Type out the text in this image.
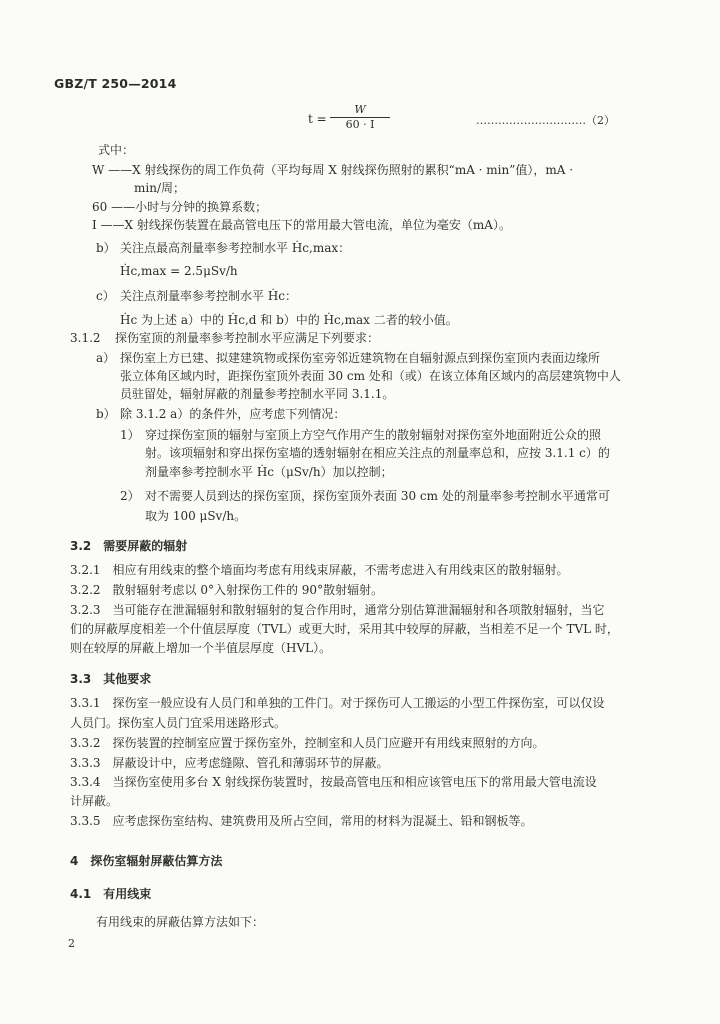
GBZ/T 250—2014
t =
W
60 · I	…………………………（2）
式中：
W ——X 射线探伤的周工作负荷（平均每周 X 射线探伤照射的累积“mA · min”值），mA ·
min/周；
60 ——小时与分钟的换算系数；
I ——X 射线探伤装置在最高管电压下的常用最大管电流，单位为毫安（mA）。
b） 关注点最高剂量率参考控制水平 Ḣc,max：
Ḣc,max = 2.5μSv/h
c） 关注点剂量率参考控制水平 Ḣc：
Ḣc 为上述 a）中的 Ḣc,d 和 b）中的 Ḣc,max 二者的较小值。
3.1.2 探伤室顶的剂量率参考控制水平应满足下列要求：
a） 探伤室上方已建、拟建建筑物或探伤室旁邻近建筑物在自辐射源点到探伤室顶内表面边缘所
张立体角区域内时，距探伤室顶外表面 30 cm 处和（或）在该立体角区域内的高层建筑物中人
员驻留处，辐射屏蔽的剂量参考控制水平同 3.1.1。
b） 除 3.1.2 a）的条件外，应考虑下列情况：
1） 穿过探伤室顶的辐射与室顶上方空气作用产生的散射辐射对探伤室外地面附近公众的照
射。该项辐射和穿出探伤室墙的透射辐射在相应关注点的剂量率总和，应按 3.1.1 c）的
剂量率参考控制水平 Ḣc（μSv/h）加以控制；
2） 对不需要人员到达的探伤室顶，探伤室顶外表面 30 cm 处的剂量率参考控制水平通常可
取为 100 μSv/h。
3.2　需要屏蔽的辐射
3.2.1　相应有用线束的整个墙面均考虑有用线束屏蔽，不需考虑进入有用线束区的散射辐射。
3.2.2　散射辐射考虑以 0°入射探伤工件的 90°散射辐射。
3.2.3　当可能存在泄漏辐射和散射辐射的复合作用时，通常分别估算泄漏辐射和各项散射辐射，当它
们的屏蔽厚度相差一个什值层厚度（TVL）或更大时，采用其中较厚的屏蔽，当相差不足一个 TVL 时，
则在较厚的屏蔽上增加一个半值层厚度（HVL）。
3.3　其他要求
3.3.1　探伤室一般应设有人员门和单独的工件门。对于探伤可人工搬运的小型工件探伤室，可以仅设
人员门。探伤室人员门宜采用迷路形式。
3.3.2　探伤装置的控制室应置于探伤室外，控制室和人员门应避开有用线束照射的方向。
3.3.3　屏蔽设计中，应考虑缝隙、管孔和薄弱环节的屏蔽。
3.3.4　当探伤室使用多台 X 射线探伤装置时，按最高管电压和相应该管电压下的常用最大管电流设
计屏蔽。
3.3.5　应考虑探伤室结构、建筑费用及所占空间，常用的材料为混凝土、铅和钢板等。
4　探伤室辐射屏蔽估算方法
4.1　有用线束
有用线束的屏蔽估算方法如下：
2
